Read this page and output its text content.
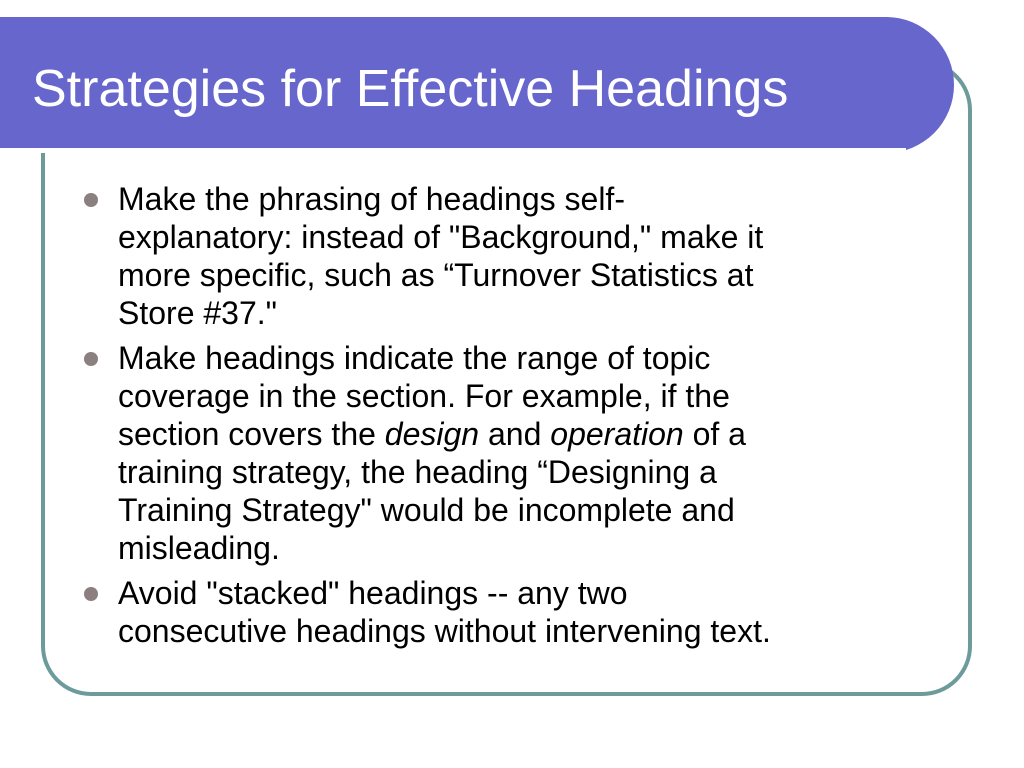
Strategies for Effective Headings
Make the phrasing of headings self-
explanatory: instead of "Background," make it
more specific, such as “Turnover Statistics at
Store #37."
Make headings indicate the range of topic
coverage in the section. For example, if the
section covers the design and operation of a
training strategy, the heading “Designing a
Training Strategy" would be incomplete and
misleading.
Avoid "stacked" headings -- any two
consecutive headings without intervening text.
